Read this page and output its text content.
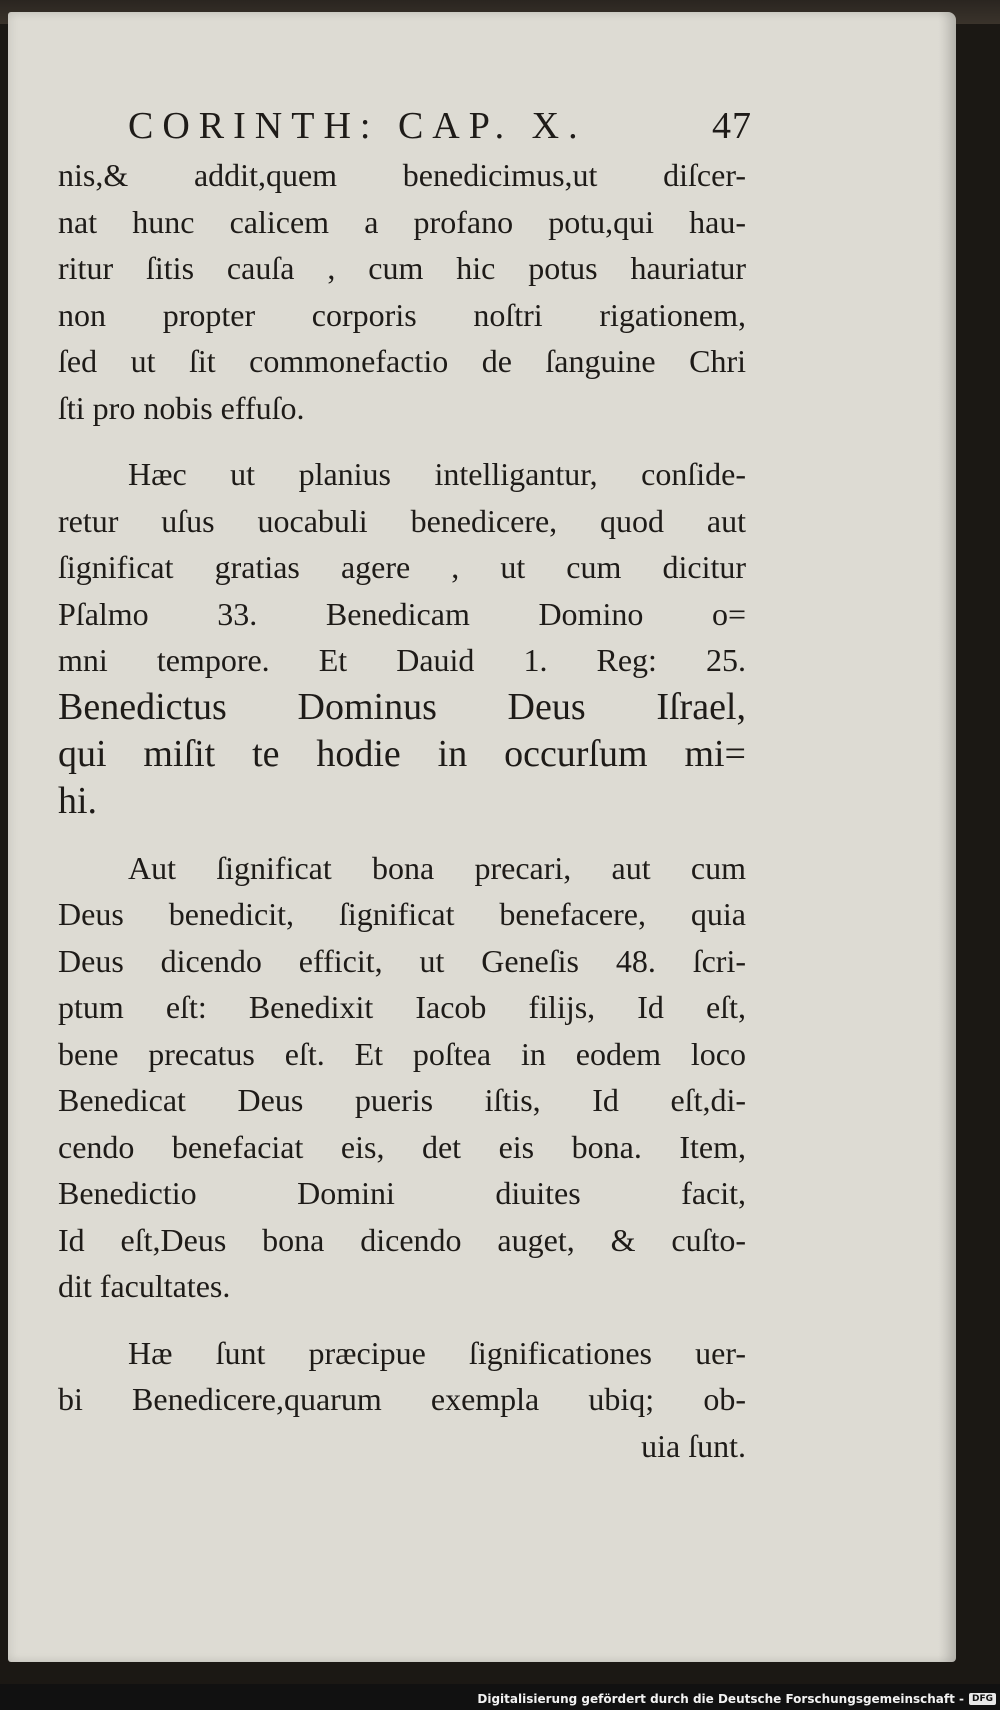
CORINTH: CAP. X.	47
nis,& addit,quem benedicimus,ut diſcer-
nat hunc calicem a profano potu,qui hau-
ritur ſitis cauſa , cum hic potus hauriatur
non propter corporis noſtri rigationem,
ſed ut ſit commonefactio de ſanguine Chri
ſti pro nobis effuſo.
Hæc ut planius intelligantur, conſide-
retur uſus uocabuli benedicere, quod aut
ſignificat gratias agere , ut cum dicitur
Pſalmo 33. Benedicam Domino o=
mni tempore. Et Dauid 1. Reg: 25.
Benedictus Dominus Deus Iſrael,
qui miſit te hodie in occurſum mi=
hi.
Aut ſignificat bona precari, aut cum
Deus benedicit, ſignificat benefacere, quia
Deus dicendo efficit, ut Geneſis 48. ſcri-
ptum eſt: Benedixit Iacob filijs, Id eſt,
bene precatus eſt. Et poſtea in eodem loco
Benedicat Deus pueris iſtis, Id eſt,di-
cendo benefaciat eis, det eis bona. Item,
Benedictio Domini diuites facit,
Id eſt,Deus bona dicendo auget, & cuſto-
dit facultates.
Hæ ſunt præcipue ſignificationes uer-
bi Benedicere,quarum exempla ubiq; ob-
uia ſunt.
Digitalisierung gefördert durch die Deutsche Forschungsgemeinschaft - DFG
